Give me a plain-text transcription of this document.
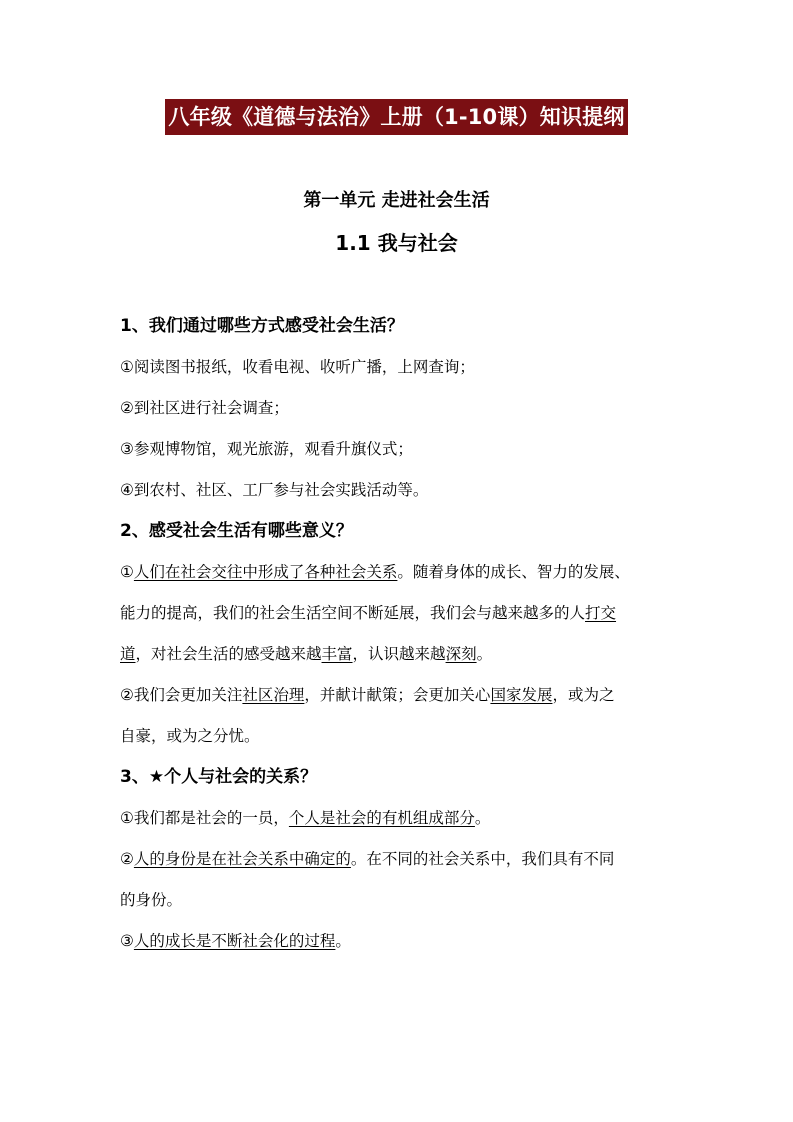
八年级《道德与法治》上册（1-10课）知识提纲
第一单元 走进社会生活
1.1 我与社会

1、我们通过哪些方式感受社会生活？

①阅读图书报纸，收看电视、收听广播，上网查询；

②到社区进行社会调查；

③参观博物馆，观光旅游，观看升旗仪式；

④到农村、社区、工厂参与社会实践活动等。

2、感受社会生活有哪些意义？

①人们在社会交往中形成了各种社会关系。随着身体的成长、智力的发展、

能力的提高，我们的社会生活空间不断延展，我们会与越来越多的人打交

道，对社会生活的感受越来越丰富，认识越来越深刻。

②我们会更加关注社区治理，并献计献策；会更加关心国家发展，或为之

自豪，或为之分忧。

3、★个人与社会的关系？

①我们都是社会的一员，个人是社会的有机组成部分。

②人的身份是在社会关系中确定的。在不同的社会关系中，我们具有不同

的身份。

③人的成长是不断社会化的过程。
